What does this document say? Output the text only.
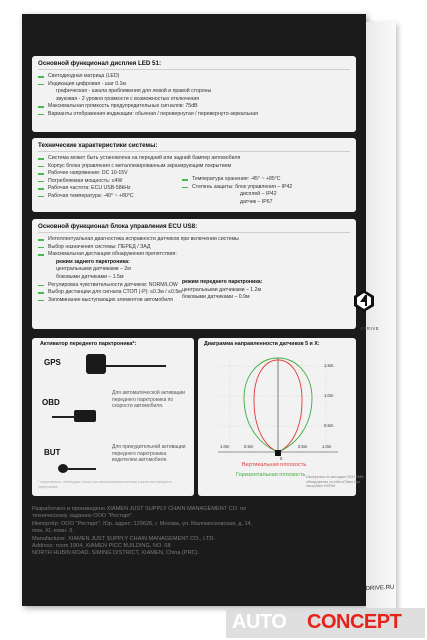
Основной функционал дисплея LED 51:
Светодиодная матрица (LED)
Индикация цифровая - шаг 0.1м
графическая - шкала приближения для левой и правой стороны
звуковая - 2 уровня громкости с возможностью отключения
Максимальная громкость предупредительных сигналов: 75dB
Варианты отображения индикации: обычная / перевернутая / перевернуто-зеркальная
Технические характеристики системы:
Система может быть установлена на передний или задний бампер автомобиля
Корпус блока управления с металлизированным экранирующим покрытием
Рабочее напряжение: DC 10-15V
Потребляемая мощность: ≤4W
Рабочая частота: ECU USB-58kHz
Рабочая температура: -40° ~ +80°C
Температура хранения: -45° ~ +85°C
Степень защиты: блок управления – IP42
дисплей – IP42
датчик – IP67
Основной функционал блока управления ECU US8:
Интеллектуальная диагностика исправности датчиков при включении системы
Выбор назначения системы: ПЕРЕД / ЗАД
Максимальная дистанция обнаружения препятствия:
режим заднего парктроника:
центральными датчиками – 2м
боковыми датчиками – 1.5м
Регулировка чувствительности датчиков: NORM/LOW
Выбор дистанции для сигнала СТОП (-P): ≤0.3м / ≤0.5м
Запоминание выступающих элементов автомобиля
режим переднего парктроника:
центральными датчиками – 1.2м
боковыми датчиками – 0.9м
Активатор переднего парктроника*:
GPS
OBD
Для автоматической активации переднего парктроника по скорости автомобиля.
BUT
Для принудительной активации переднего парктроника водителем автомобиля.
* опционально: необходим только при использовании системы в качестве переднего парктроника
Диаграмма направленности датчиков 5 и X:
1.5m
1.0m
0.5m
1.0m	0.5m
0
0.5m	1.0m
Вертикальная плоскость
Горизонтальная плоскость Измерения по методике ISO17386: обнаружение столба ø75мм при настройке NORM
Разработано и произведено XIAMEN JUST SUPPLY CHAIN MANAGEMENT CO. по
техническому заданию ООО "Рестарт".
Импортёр: ООО "Рестарт". Юр. адрес: 129626, г. Москва, ул. Маломосковская, д. 14,
пом. XI, комн. 3.
Manufacturer: XIAMEN JUST SUPPLY CHAIN MANAGEMENT CO., LTD.
Address: room 1904, XIAMEN PICC BUILDING, NO. 68
NORTH HUBIN ROAD, SIMING DISTRICT, XIAMEN, China (PRC).
4DRIVE
WWW.4DRIVE.RU
AUTO CONCEPT
